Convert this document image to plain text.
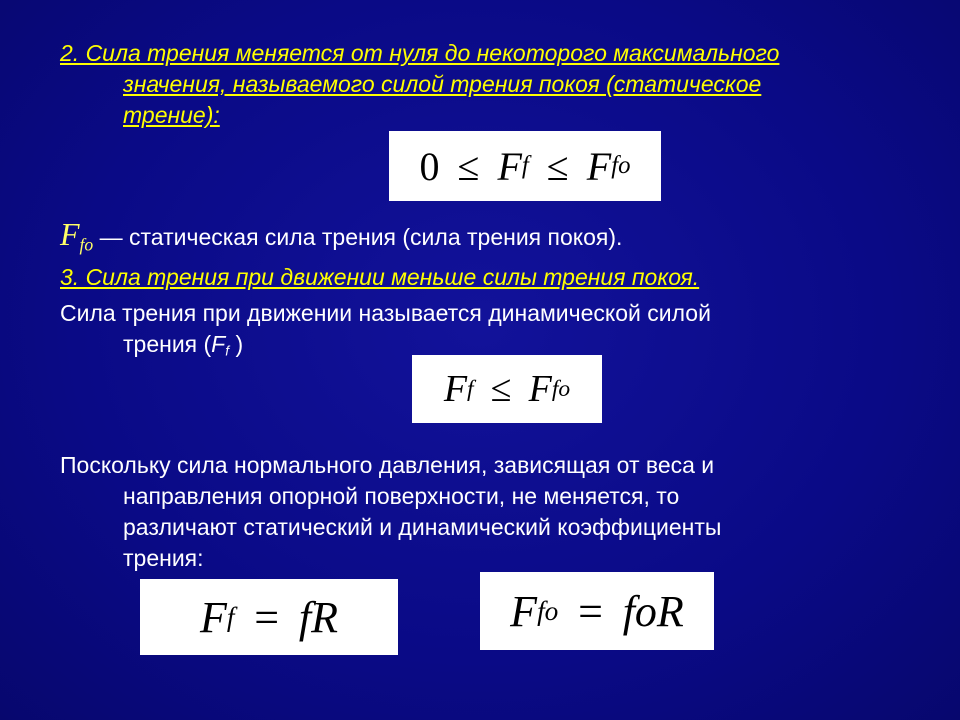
2. Сила трения меняется от нуля до некоторого максимального
значения, называемого силой трения покоя (статическое
трение):

0 ≤ F f ≤ F fo

$F_{fo}$ — статическая сила трения (сила трения покоя).

3. Сила трения при движении меньше силы трения покоя.

Сила трения при движении называется динамической силой
трения ($F_f$ )

F f ≤ F fo

Поскольку сила нормального давления, зависящая от веса и
направления опорной поверхности, не меняется, то
различают статический и динамический коэффициенты
трения:

F f = fR	F fo = foR
